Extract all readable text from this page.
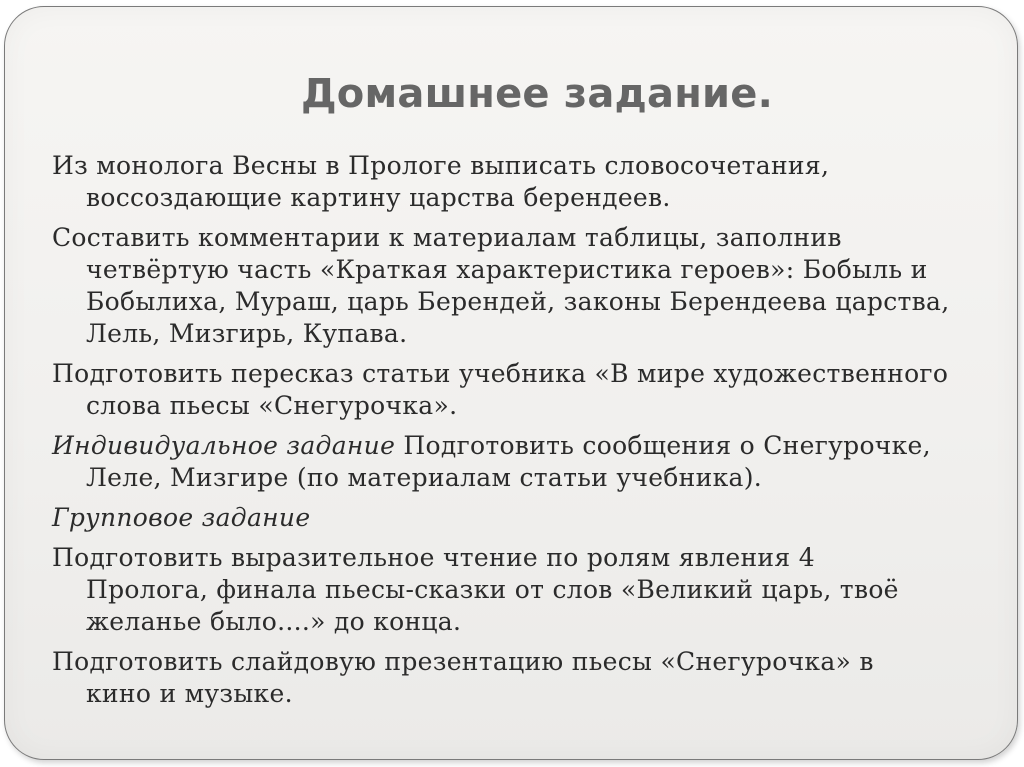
Домашнее задание.

Из монолога Весны в Прологе выписать словосочетания,
воссоздающие картину царства берендеев.

Составить комментарии к материалам таблицы, заполнив
четвёртую часть «Краткая характеристика героев»: Бобыль и
Бобылиха, Мураш, царь Берендей, законы Берендеева царства,
Лель, Мизгирь, Купава.

Подготовить пересказ статьи учебника «В мире художественного
слова пьесы «Снегурочка».

Индивидуальное задание Подготовить сообщения о Снегурочке,
Леле, Мизгире (по материалам статьи учебника).

Групповое задание

Подготовить выразительное чтение по ролям явления 4
Пролога, финала пьесы-сказки от слов «Великий царь, твоё
желанье было....» до конца.

Подготовить слайдовую презентацию пьесы «Снегурочка» в
кино и музыке.
